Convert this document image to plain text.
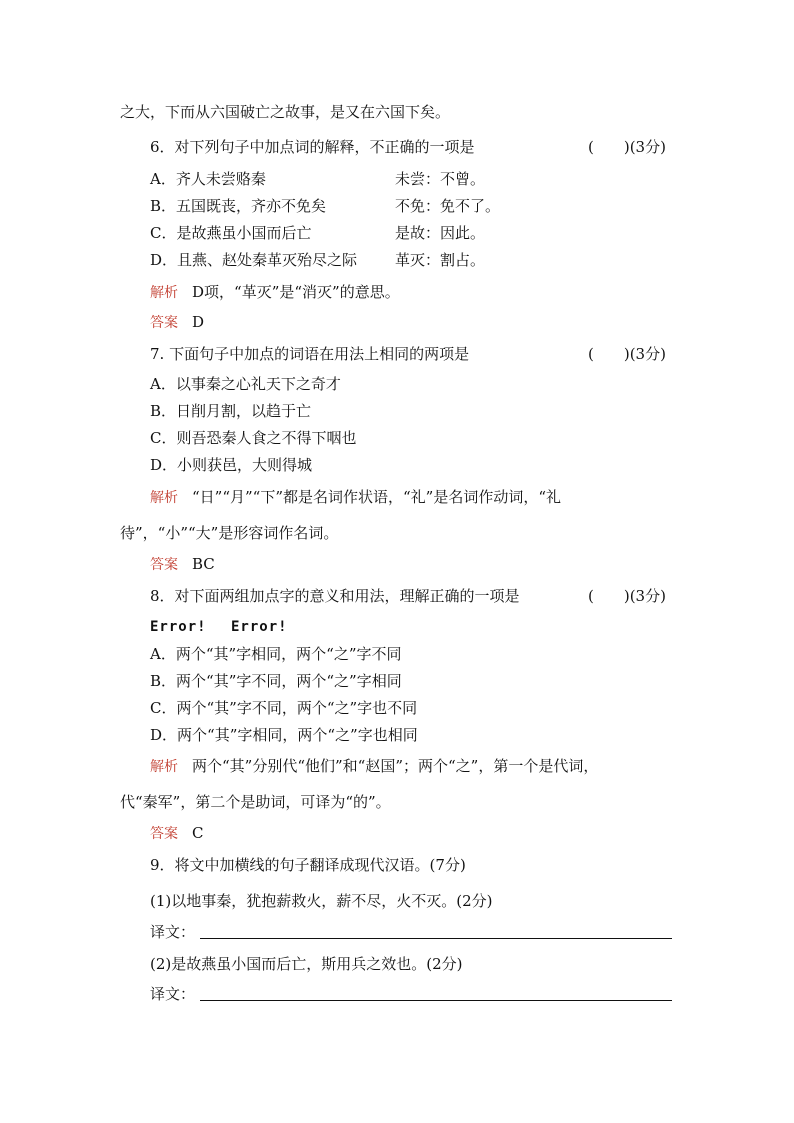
之大，下而从六国破亡之故事，是又在六国下矣。
6．对下列句子中加点词的解释，不正确的一项是	(　　)(3分)
A．齐人未尝赂秦	未尝：不曾。
B．五国既丧，齐亦不免矣	不免：免不了。
C．是故燕虽小国而后亡	是故：因此。
D．且燕、赵处秦革灭殆尽之际	革灭：割占。
解析 D项，“革灭”是“消灭”的意思。
答案 D
7. 下面句子中加点的词语在用法上相同的两项是	(　　)(3分)
A．以事秦之心礼天下之奇才
B．日削月割，以趋于亡
C．则吾恐秦人食之不得下咽也
D．小则获邑，大则得城
解析 “日”“月”“下”都是名词作状语，“礼”是名词作动词，“礼
待”，“小”“大”是形容词作名词。
答案 BC
8．对下面两组加点字的意义和用法，理解正确的一项是	(　　)(3分)
Error! Error!
A．两个“其”字相同，两个“之”字不同
B．两个“其”字不同，两个“之”字相同
C．两个“其”字不同，两个“之”字也不同
D．两个“其”字相同，两个“之”字也相同
解析 两个“其”分别代“他们”和“赵国”；两个“之”，第一个是代词，
代“秦军”，第二个是助词，可译为“的”。
答案 C
9．将文中加横线的句子翻译成现代汉语。(7分)
(1)以地事秦，犹抱薪救火，薪不尽，火不灭。(2分)
译文：
(2)是故燕虽小国而后亡，斯用兵之效也。(2分)
译文：
